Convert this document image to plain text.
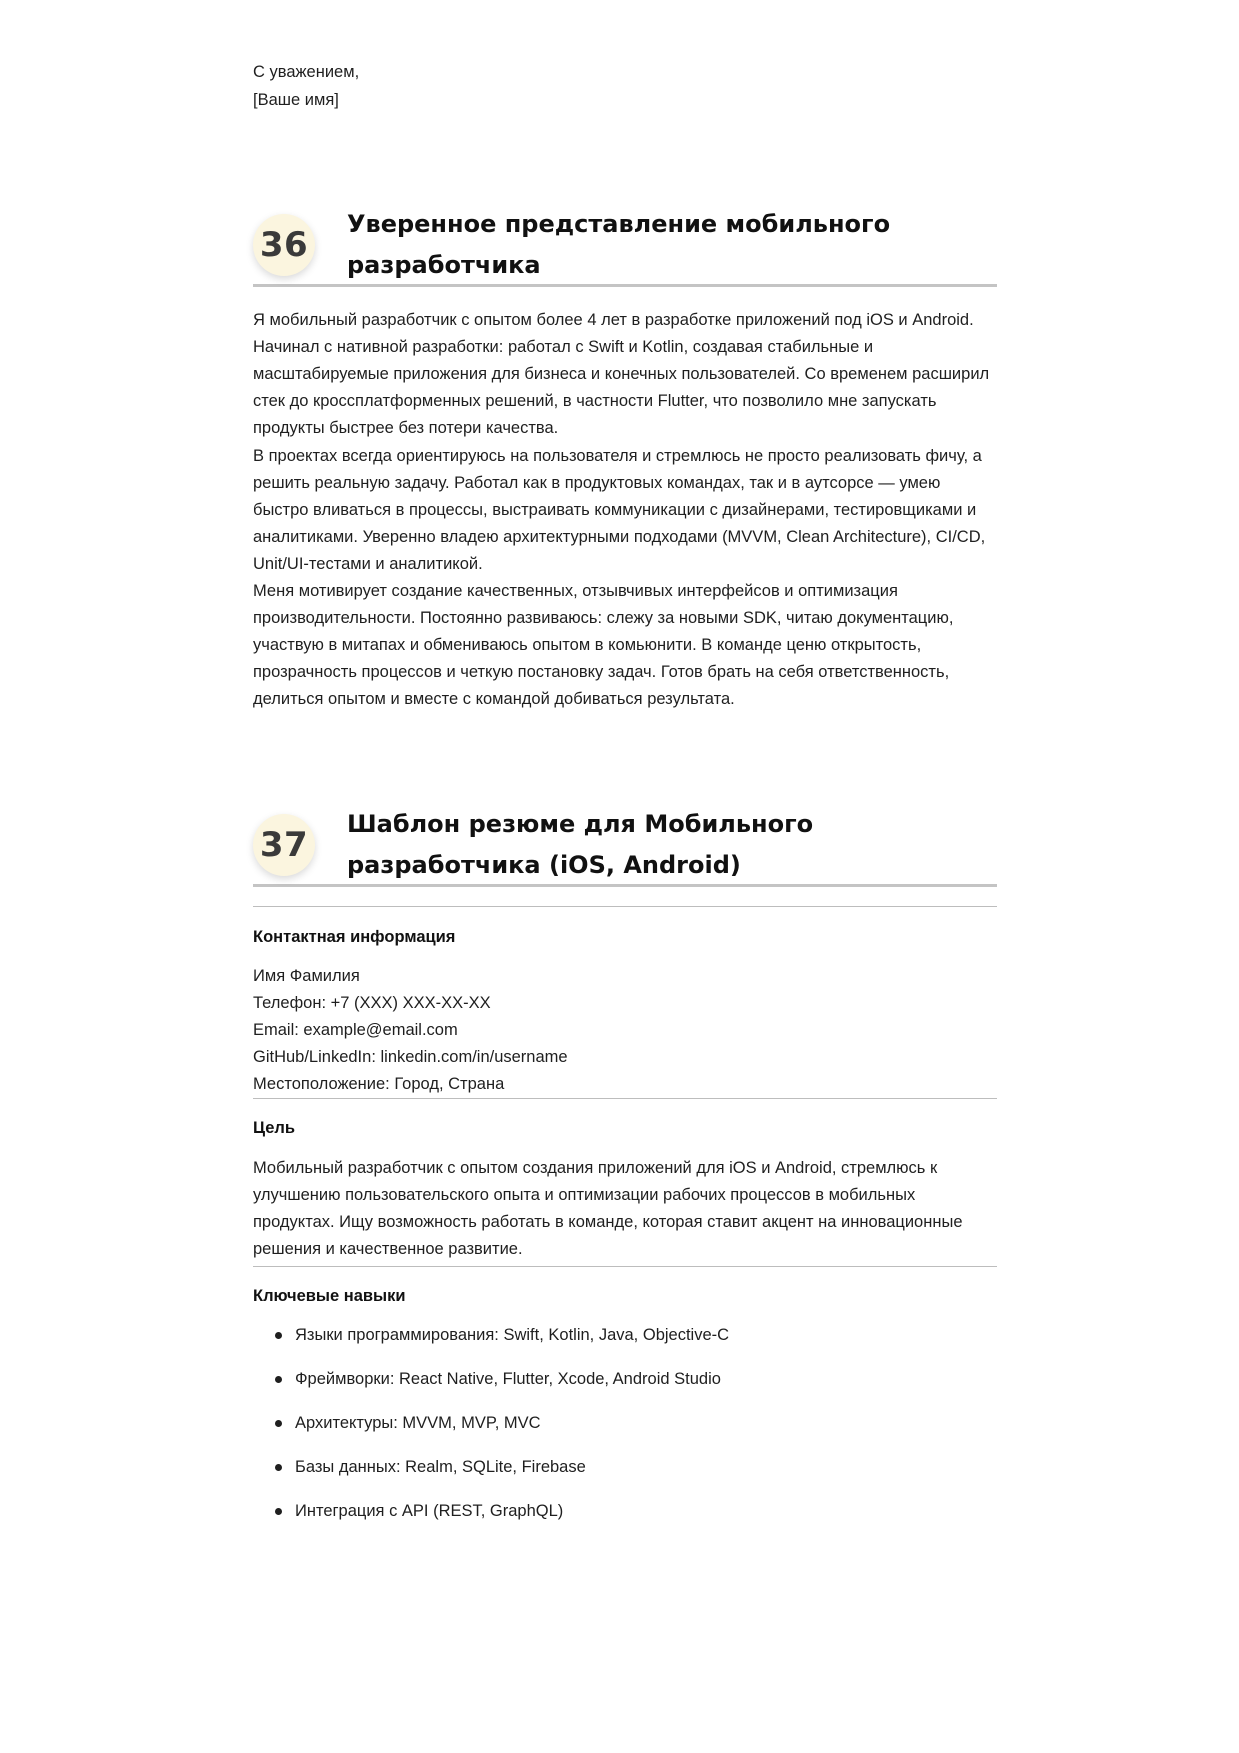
С уважением,
[Ваше имя]
36
Уверенное представление мобильного разработчика

Я мобильный разработчик с опытом более 4 лет в разработке приложений под iOS и Android. Начинал с нативной разработки: работал с Swift и Kotlin, создавая стабильные и масштабируемые приложения для бизнеса и конечных пользователей. Со временем расширил стек до кроссплатформенных решений, в частности Flutter, что позволило мне запускать продукты быстрее без потери качества.

В проектах всегда ориентируюсь на пользователя и стремлюсь не просто реализовать фичу, а решить реальную задачу. Работал как в продуктовых командах, так и в аутсорсе — умею быстро вливаться в процессы, выстраивать коммуникации с дизайнерами, тестировщиками и аналитиками. Уверенно владею архитектурными подходами (MVVM, Clean Architecture), CI/CD, Unit/UI-тестами и аналитикой.

Меня мотивирует создание качественных, отзывчивых интерфейсов и оптимизация производительности. Постоянно развиваюсь: слежу за новыми SDK, читаю документацию, участвую в митапах и обмениваюсь опытом в комьюнити. В команде ценю открытость, прозрачность процессов и четкую постановку задач. Готов брать на себя ответственность, делиться опытом и вместе с командой добиваться результата.

37
Шаблон резюме для Мобильного разработчика (iOS, Android)

Контактная информация

Имя Фамилия
Телефон: +7 (XXX) XXX-XX-XX
Email: example@email.com
GitHub/LinkedIn: linkedin.com/in/username
Местоположение: Город, Страна

Цель

Мобильный разработчик с опытом создания приложений для iOS и Android, стремлюсь к улучшению пользовательского опыта и оптимизации рабочих процессов в мобильных продуктах. Ищу возможность работать в команде, которая ставит акцент на инновационные решения и качественное развитие.

Ключевые навыки

Языки программирования: Swift, Kotlin, Java, Objective-C
Фреймворки: React Native, Flutter, Xcode, Android Studio
Архитектуры: MVVM, MVP, MVC
Базы данных: Realm, SQLite, Firebase
Интеграция с API (REST, GraphQL)
